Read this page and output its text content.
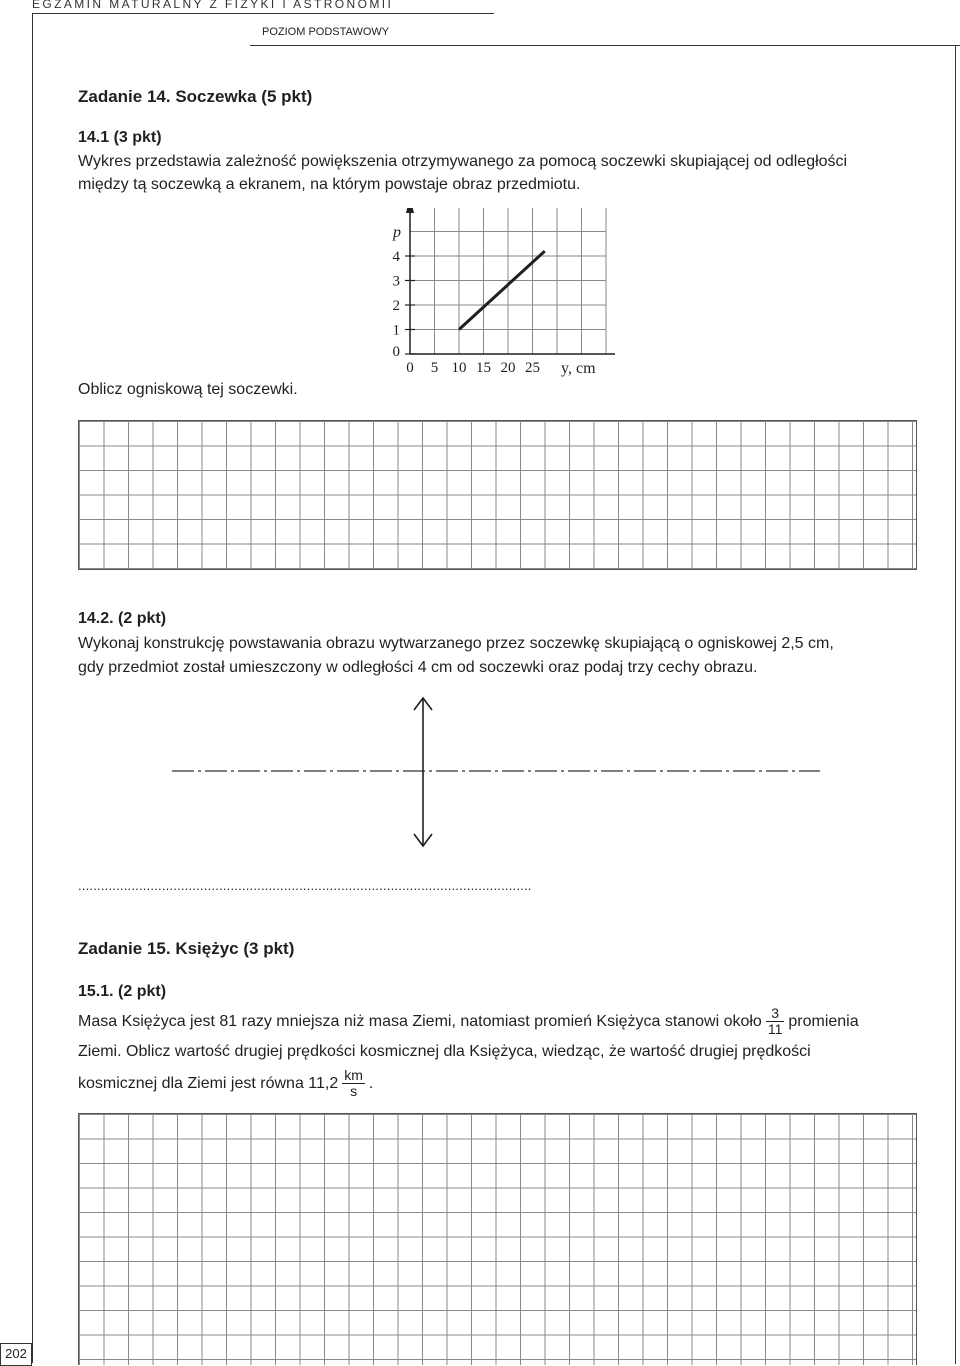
EGZAMIN MATURALNY Z FIZYKI I ASTRONOMII
POZIOM PODSTAWOWY
Zadanie 14. Soczewka (5 pkt)
14.1 (3 pkt)
Wykres przedstawia zależność powiększenia otrzymywanego za pomocą soczewki skupiającej od odległości
między tą soczewką a ekranem, na którym powstaje obraz przedmiotu.
Oblicz ogniskową tej soczewki.
0 5 10 15 20 25
0
1
2
3
4
p
y, cm
14.2. (2 pkt)
Wykonaj konstrukcję powstawania obrazu wytwarzanego przez soczewkę skupiającą o ogniskowej 2,5 cm,
gdy przedmiot został umieszczony w odległości 4 cm od soczewki oraz podaj trzy cechy obrazu.
.......................................................................................................................
Zadanie 15. Księżyc (3 pkt)
15.1. (2 pkt)
Masa Księżyca jest 81 razy mniejsza niż masa Ziemi, natomiast promień Księżyca stanowi około $\frac{3}{11}$ promienia
Ziemi. Oblicz wartość drugiej prędkości kosmicznej dla Księżyca, wiedząc, że wartość drugiej prędkości
kosmicznej dla Ziemi jest równa $11,2 \frac{km}{s}$ .
202
